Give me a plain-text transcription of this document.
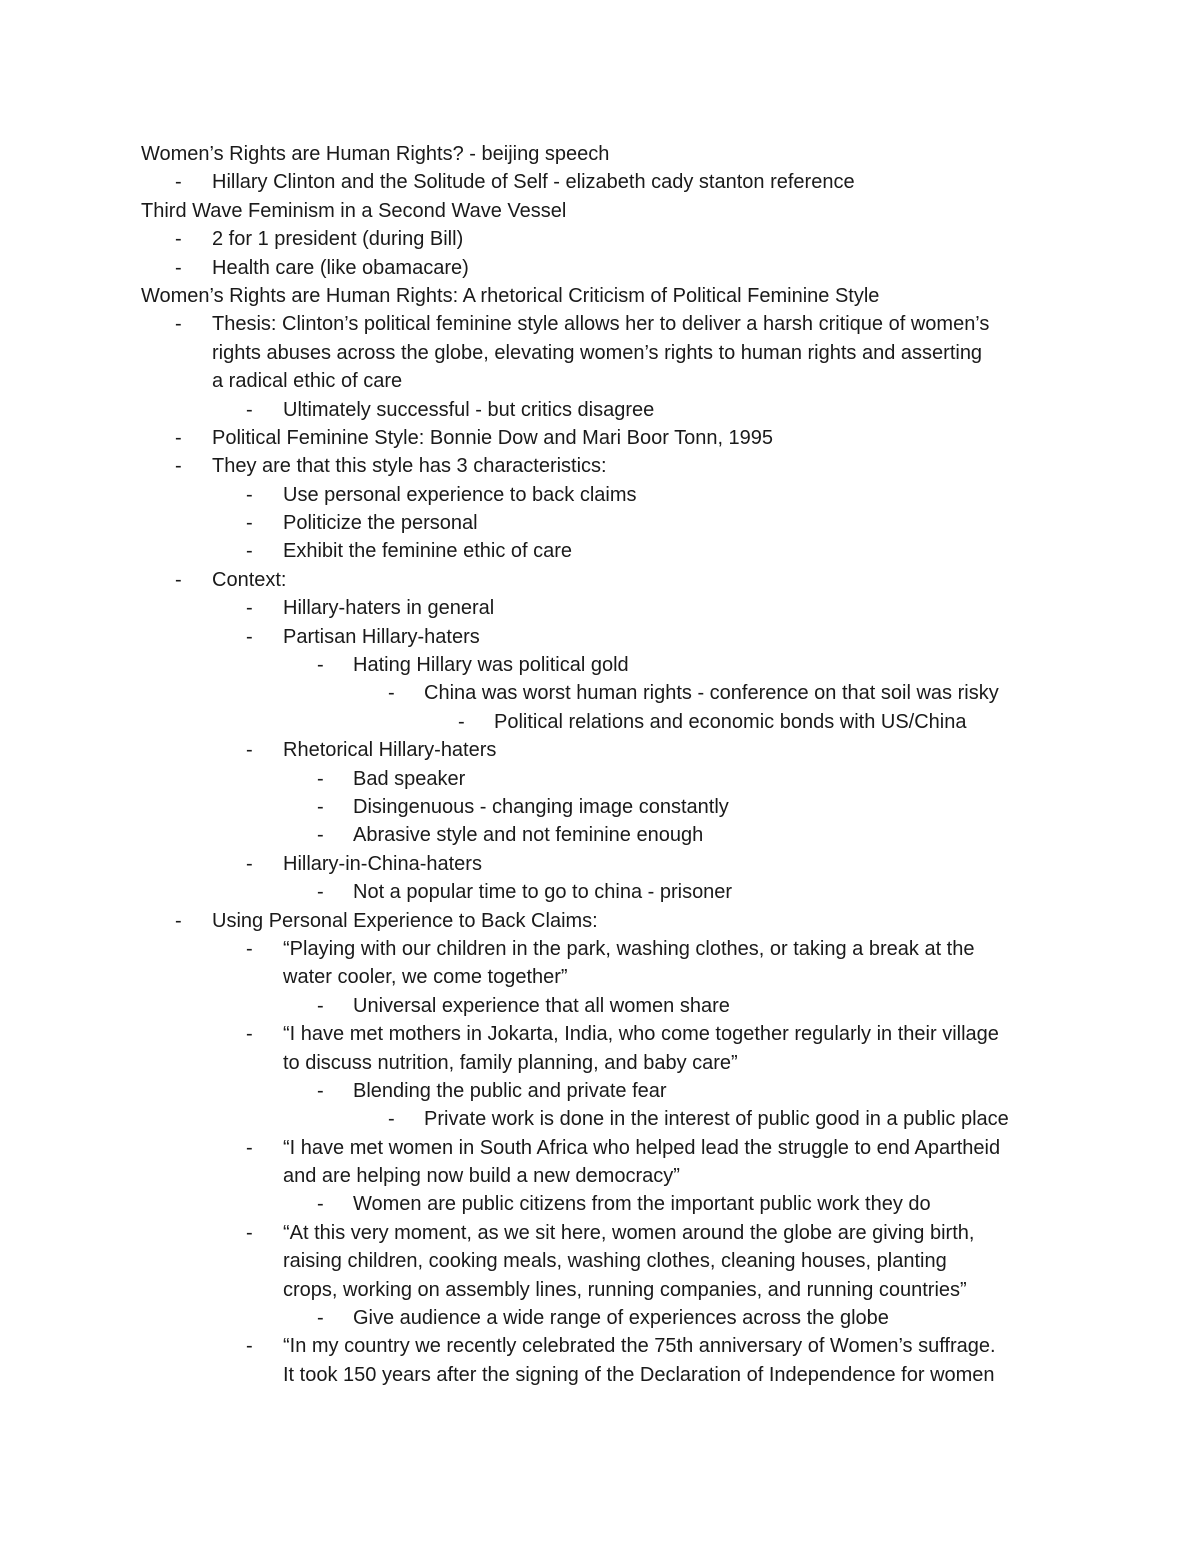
Women’s Rights are Human Rights? - beijing speech
-	Hillary Clinton and the Solitude of Self - elizabeth cady stanton reference
Third Wave Feminism in a Second Wave Vessel
-	2 for 1 president (during Bill)
-	Health care (like obamacare)
Women’s Rights are Human Rights: A rhetorical Criticism of Political Feminine Style
-	Thesis: Clinton’s political feminine style allows her to deliver a harsh critique of women’s
rights abuses across the globe, elevating women’s rights to human rights and asserting
a radical ethic of care
-	Ultimately successful - but critics disagree
-	Political Feminine Style: Bonnie Dow and Mari Boor Tonn, 1995
-	They are that this style has 3 characteristics:
-	Use personal experience to back claims
-	Politicize the personal
-	Exhibit the feminine ethic of care
-	Context:
-	Hillary-haters in general
-	Partisan Hillary-haters
-	Hating Hillary was political gold
-	China was worst human rights - conference on that soil was risky
-	Political relations and economic bonds with US/China
-	Rhetorical Hillary-haters
-	Bad speaker
-	Disingenuous - changing image constantly
-	Abrasive style and not feminine enough
-	Hillary-in-China-haters
-	Not a popular time to go to china - prisoner
-	Using Personal Experience to Back Claims:
-	“Playing with our children in the park, washing clothes, or taking a break at the
water cooler, we come together”
-	Universal experience that all women share
-	“I have met mothers in Jokarta, India, who come together regularly in their village
to discuss nutrition, family planning, and baby care”
-	Blending the public and private fear
-	Private work is done in the interest of public good in a public place
-	“I have met women in South Africa who helped lead the struggle to end Apartheid
and are helping now build a new democracy”
-	Women are public citizens from the important public work they do
-	“At this very moment, as we sit here, women around the globe are giving birth,
raising children, cooking meals, washing clothes, cleaning houses, planting
crops, working on assembly lines, running companies, and running countries”
-	Give audience a wide range of experiences across the globe
-	“In my country we recently celebrated the 75th anniversary of Women’s suffrage.
It took 150 years after the signing of the Declaration of Independence for women
